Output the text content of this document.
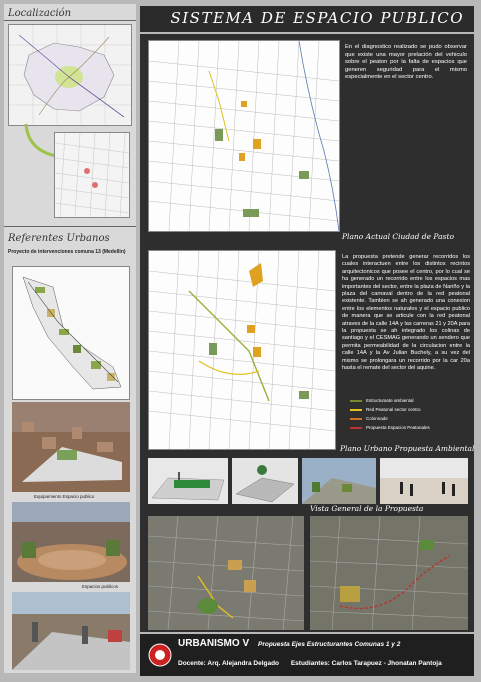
Localización
Referentes Urbanos
Proyecto de intervenciones comuna 13 (Medellin)
Equipamiento Espacio publico
Espacios publicos
SISTEMA DE ESPACIO PUBLICO
En el diagnostico realizado se pudo observar que existe una mayor prelación del vehiculo sobre el peaton por la falta de espacios que generen seguridad para el mismo especialmente en el sector centro.
Plano Actual Ciudad de Pasto
La propuesta pretende generar recorridos los cuales interactuen entre los distintos recintos arquitectonicos que posee el centro, por lo cual se ha generado un recorrido entre los espacios mas importantes del sector, entre la plaza de Nariño y la plaza del carnaval dentro de la red peatonal existente. Tambien se ah generado una conexion entre los elementos naturales y el espacio publico de manera que se articule con la red peatonal atraves de la calle 14A y las carreras 21 y 20A para la propuesta se ah integrado los colinas de santiago y el CESMAG generando un sendero que permita permeabilidad de la circulacion entre la calle 14A y la Av Julian Buchely, a su vez del mismo se prolongara un recorrido por la car 20a hasta el remate del sector del aquine.
Estructurante ambiental
Red Peatonal sector centro
Colonnade
Propuesta Espacios Peatonales
Plano Urbano Propuesta Ambiental
Vista General de la Propuesta
URBANISMO V Propuesta Ejes Estructurantes Comunas 1 y 2
Docente: Arq. Alejandra Delgado Estudiantes: Carlos Tarapuez - Jhonatan Pantoja
